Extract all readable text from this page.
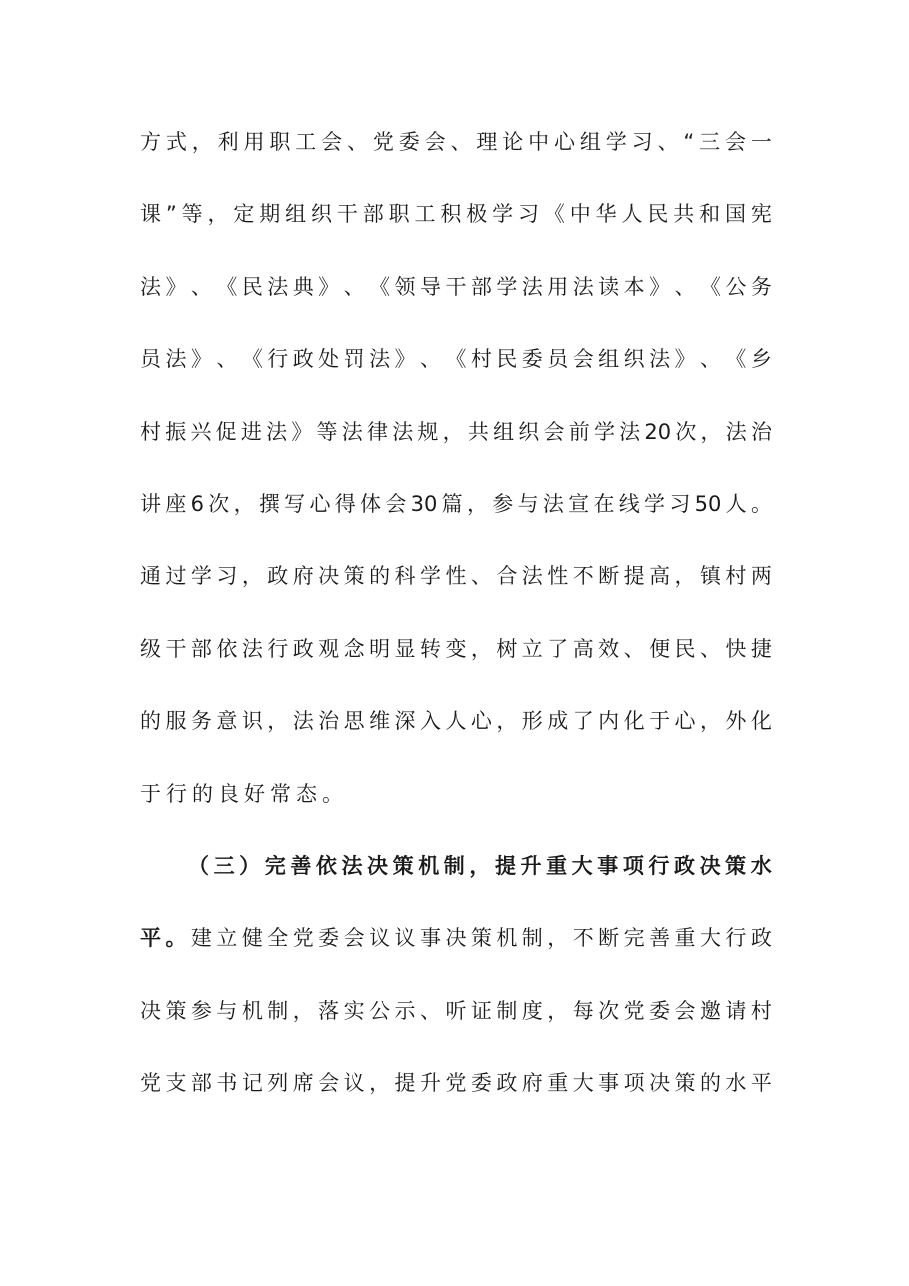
方 式 ， 利 用 职 工 会 、 党 委 会 、 理 论 中 心 组 学 习 、 “ 三 会 一
课 ” 等 ， 定 期 组 织 干 部 职 工 积 极 学 习 《 中 华 人 民 共 和 国 宪
法 》 、 《 民 法 典 》 、 《 领 导 干 部 学 法 用 法 读 本 》 、 《 公 务
员 法 》 、 《 行 政 处 罚 法 》 、 《 村 民 委 员 会 组 织 法 》 、 《 乡
村 振 兴 促 进 法 》 等 法 律 法 规 ， 共 组 织 会 前 学 法 20 次 ， 法 治
讲 座 6 次 ， 撰 写 心 得 体 会 30 篇 ， 参 与 法 宣 在 线 学 习 50 人 。
通 过 学 习 ， 政 府 决 策 的 科 学 性 、 合 法 性 不 断 提 高 ， 镇 村 两
级 干 部 依 法 行 政 观 念 明 显 转 变 ， 树 立 了 高 效 、 便 民 、 快 捷
的 服 务 意 识 ， 法 治 思 维 深 入 人 心 ， 形 成 了 内 化 于 心 ， 外 化
于 行 的 良 好 常 态 。
（ 三 ） 完 善 依 法 决 策 机 制 ， 提 升 重 大 事 项 行 政 决 策 水
平 。 建 立 健 全 党 委 会 议 议 事 决 策 机 制 ， 不 断 完 善 重 大 行 政
决 策 参 与 机 制 ， 落 实 公 示 、 听 证 制 度 ， 每 次 党 委 会 邀 请 村
党 支 部 书 记 列 席 会 议 ， 提 升 党 委 政 府 重 大 事 项 决 策 的 水 平
